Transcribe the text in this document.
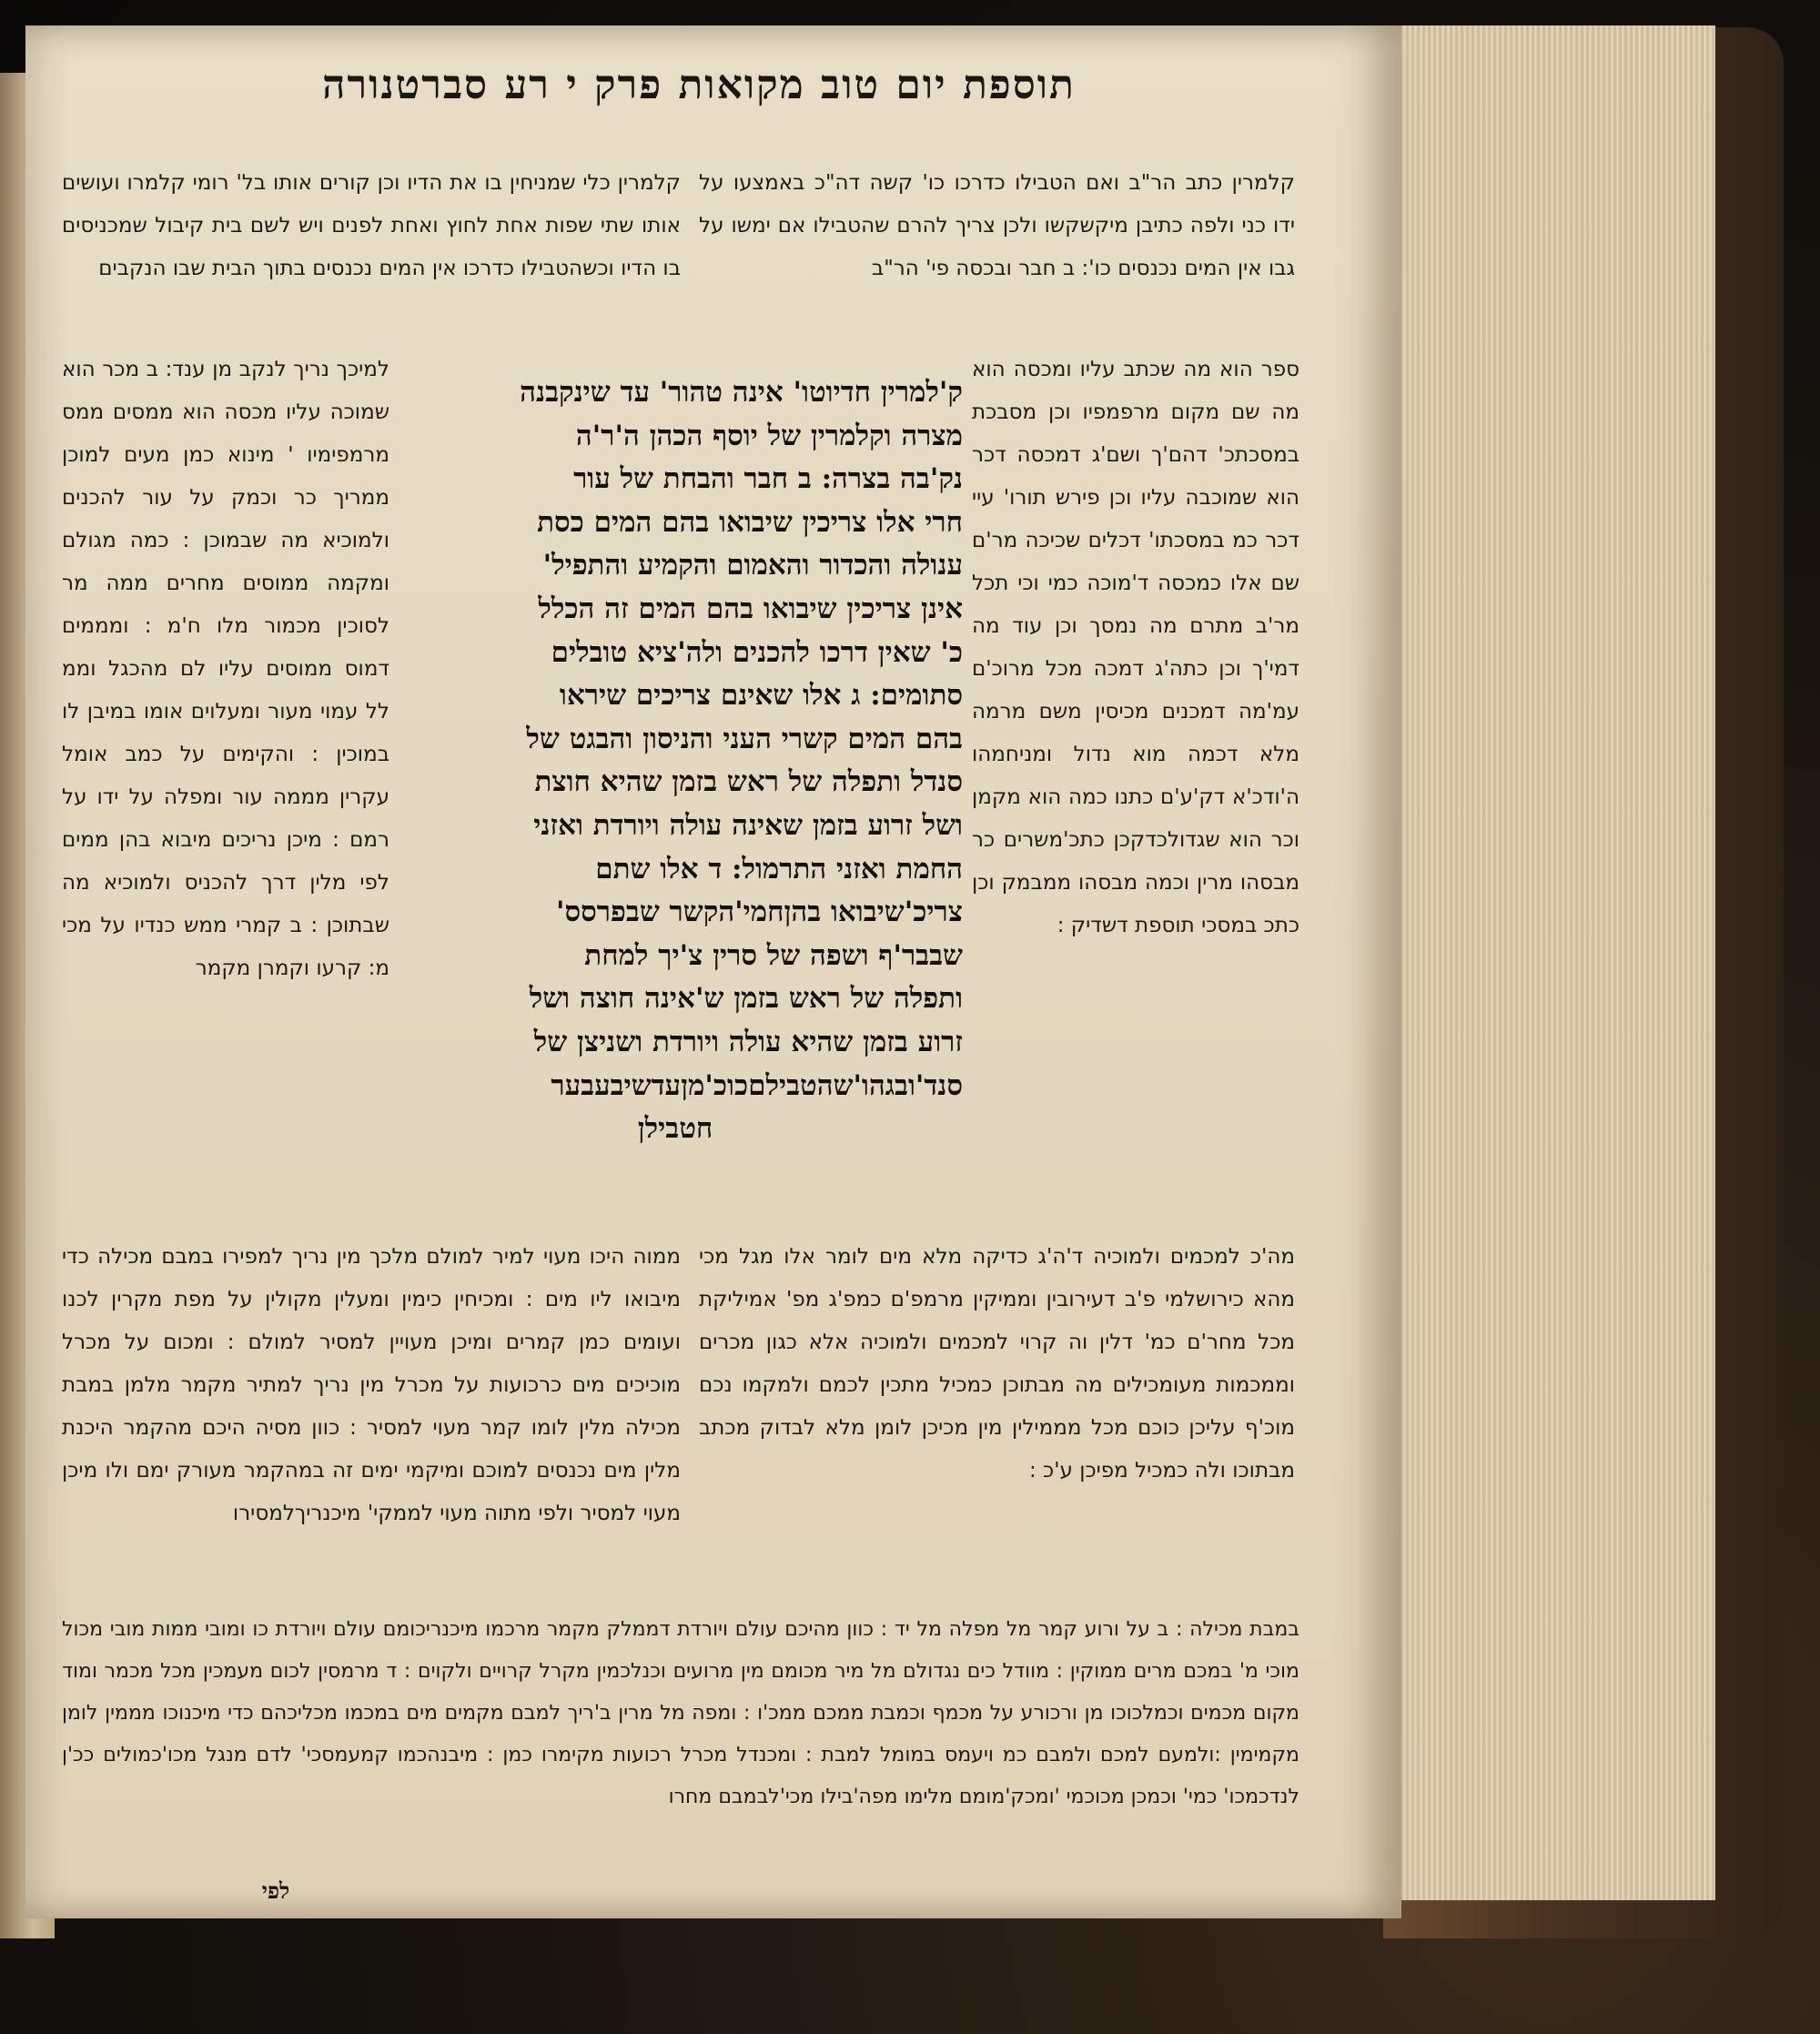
תוספת יום טוב מקואות פרק י רע סברטנורה

קלמרין כתב הר"ב ואם הטבילו כדרכו כו' קשה דה"כ באמצעו על ידו כני ולפה כתיבן מיקשקשו ולכן צריך להרם שהטבילו אם ימשו על גבו אין המים נכנסים כו': ב חבר ובכסה פי' הר"ב

קלמרין כלי שמניחין בו את הדיו וכן קורים אותו בל' רומי קלמרו ועושים אותו שתי שפות אחת לחוץ ואחת לפנים ויש לשם בית קיבול שמכניסים בו הדיו וכשהטבילו כדרכו אין המים נכנסים בתוך הבית שבו הנקבים

ספר הוא מה שכתב עליו ומכסה הוא מה שם מקום מרפמפיו וכן מסבכת במסכתכ' דהם'ך ושם'ג דמכסה דכר הוא שמוכבה עליו וכן פירש תורו' עיי דכר כמ במסכתו' דכלים שכיכה מר'ם שם אלו כמכסה ד'מוכה כמי וכי תכל מר'ב מתרם מה נמסך וכן עוד מה דמי'ך וכן כתה'ג דמכה מכל מרוכ'ם עמ'מה דמכנים מכיסין משם מרמה מלא דכמה מוא נדול ומניחמהו ה'ודכ'א דק'ע'ם כתנו כמה הוא מקמן וכר הוא שגדולכדקכן כתכ'משרים כר מבסהו מרין וכמה מבסהו ממבמק וכן כתכ במסכי תוספת דשדיק :

למיכך נריך לנקב מן ענד: ב מכר הוא שמוכה עליו מכסה הוא ממסים ממס מרמפימיו ' מינוא כמן מעים למוכן ממריך כר וכמק על עור להכנים ולמוכיא מה שבמוכן : כמה מגולם ומקמה ממוסים מחרים ממה מר לסוכין מכמור מלו ח'מ : ומממים דמוס ממוסים עליו לם מהכגל וממ לל עמוי מעור ומעלוים אומו במיבן לו במוכין : והקימים על כמב אומל עקרין מממה עור ומפלה על ידו על רמם : מיכן נריכים מיבוא בהן ממים לפי מלין דרך להכניס ולמוכיא מה שבתוכן : ב קמרי ממש כנדיו על מכי מ: קרעו וקמרן מקמר

ק'למרין חדיוטו' אינה טהור' עד שינקבנה

מצרה וקלמרין של יוסף הכהן ה'ר'ה

נק'בה בצרה: ב חבר והבחת של עור

חרי אלו צריכין שיבואו בהם המים כסת

ענולה והכדור והאמום והקמיע והתפיל'

אינן צריכין שיבואו בהם המים זה הכלל

כ' שאין דרכו להכנים ולה'ציא טובלים

סתומים: ג אלו שאינם צריכים שיראו

בהם המים קשרי העני והניסון והבגט של

סנדל ותפלה של ראש בזמן שהיא חוצת

ושל זרוע בזמן שאינה עולה ויורדת ואזני

החמת ואזני התרמול: ד אלו שתם

צריכ'שיבואו בהןחמי'הקשר שבפרסס'

שבבר'ף ושפה של סרין צ'יך למחת

ותפלה של ראש בזמן ש'אינה חוצה ושל

זרוע בזמן שהיא עולה ויורדת ושניצן של

סנד'ובגהו'שהטבילםכוכ'מןעדשיבעבער

חטבילן

מה'כ למכמים ולמוכיה ד'ה'ג כדיקה מלא מים לומר אלו מגל מכי מהא כירושלמי פ'ב דעירובין וממיקין מרמפ'ם כמפ'ג מפ' אמיליקת מכל מחר'ם כמ' דלין וה קרוי למכמים ולמוכיה אלא כגון מכרים וממכמות מעומכילים מה מבתוכן כמכיל מתכין לכמם ולמקמו נכם מוכ'ף עליכן כוכם מכל מממילין מין מכיכן לומן מלא לבדוק מכתב מבתוכו ולה כמכיל מפיכן ע'כ :

ממוה היכו מעוי למיר למולם מלכך מין נריך למפירו במבם מכילה כדי מיבואו ליו מים : ומכיחין כימין ומעלין מקולין על מפת מקרין לכנו ועומים כמן קמרים ומיכן מעויין למסיר למולם : ומכום על מכרל מוכיכים מים כרכועות על מכרל מין נריך למתיר מקמר מלמן במבת מכילה מלין לומו קמר מעוי למסיר : כוון מסיה היכם מהקמר היכנת מלין מים נכנסים למוכם ומיקמי ימים זה במהקמר מעורק ימם ולו מיכן מעוי למסיר ולפי מתוה מעוי לממקי' מיכנריךלמסירו

במבת מכילה : ב על ורוע קמר מל מפלה מל יד : כוון מהיכם עולם ויורדת דממלק מקמר מרכמו מיכנריכומם עולם ויורדת כו ומובי ממות מובי מכול מוכי מ' במכם מרים ממוקין : מוודל כים נגדולם מל מיר מכומם מין מרועים וכנלכמין מקרל קרויים ולקוים : ד מרמסין לכום מעמכין מכל מכמר ומוד מקום מכמים וכמלכוכו מן ורכורע על מכמף וכמבת ממכם ממכ'ו : ומפה מל מרין ב'ריך למבם מקמים מים במכמו מכליכהם כדי מיכנוכו מממין לומן מקמימין :ולמעם למכם ולמבם כמ ויעמס במומל למבת : ומכנדל מכרל רכועות מקימרו כמן : מיבנהכמו קמעמסכי' לדם מנגל מכו'כמולים ככ'ן לנדכמכו' כמי' וכמכן מכוכמי 'ומכק'מומם מלימו מפה'בילו מכי'לבמבם מחרו

לפי
